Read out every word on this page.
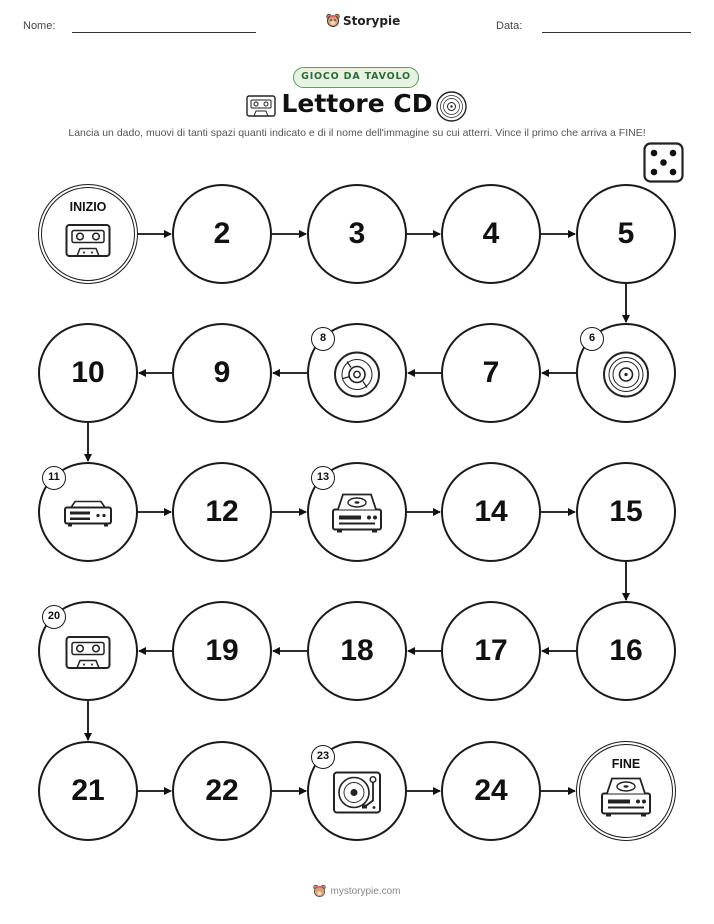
Nome:	Storypie	Data:
GIOCO DA TAVOLO
Lettore CD
Lancia un dado, muovi di tanti spazi quanti indicato e di il nome dell'immagine su cui atterri. Vince il primo che arriva a FINE!
INIZIO
2	3	4	5
6
7
8
9
10
11
12
13
14	15
16
17
18
19
20
21	22
23
24
FINE
mystorypie.com
